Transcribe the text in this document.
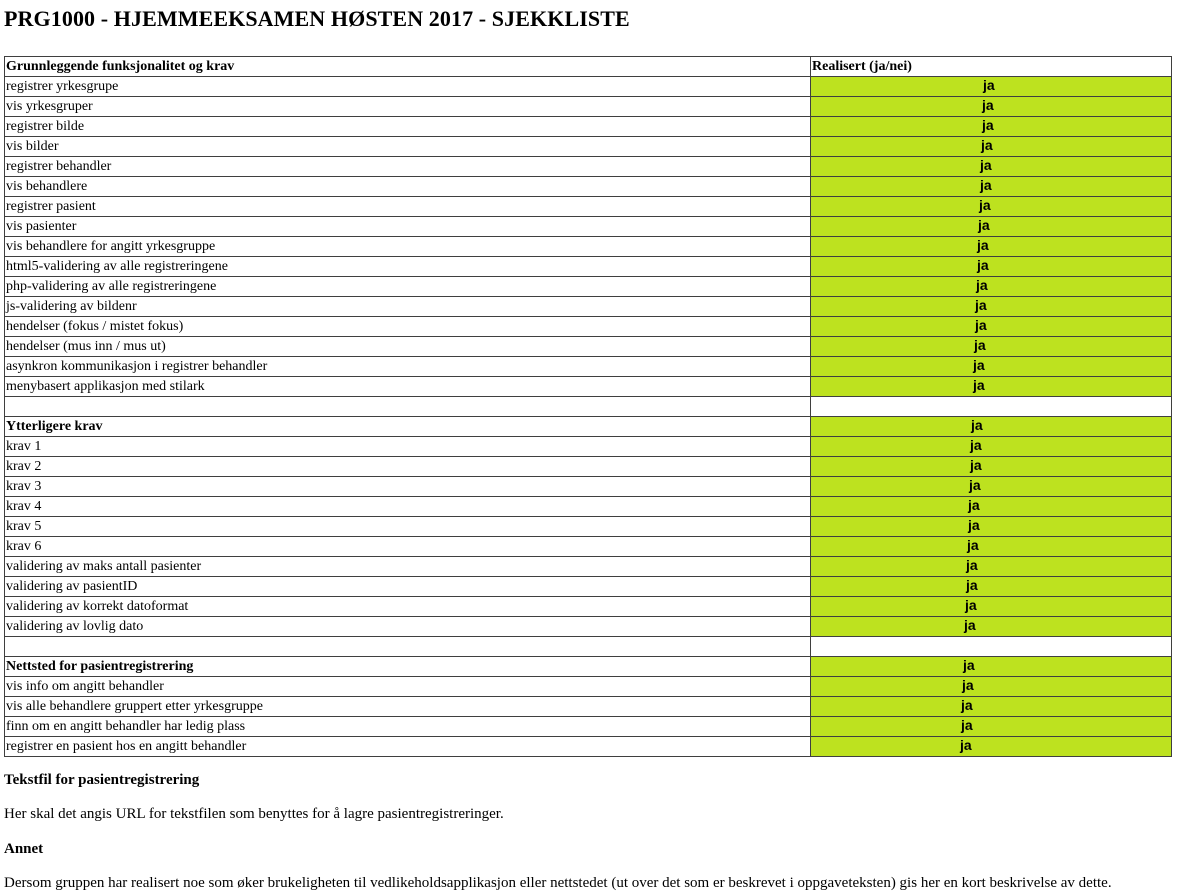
PRG1000 - HJEMMEEKSAMEN HØSTEN 2017 - SJEKKLISTE
Grunnleggende funksjonalitet og krav	Realisert (ja/nei)
registrer yrkesgrupe	ja

vis yrkesgruper	ja

registrer bilde	ja

vis bilder	ja

registrer behandler	ja

vis behandlere	ja

registrer pasient	ja

vis pasienter	ja

vis behandlere for angitt yrkesgruppe	ja

html5-validering av alle registreringene	ja

php-validering av alle registreringene	ja

js-validering av bildenr	ja

hendelser (fokus / mistet fokus)	ja

hendelser (mus inn / mus ut)	ja

asynkron kommunikasjon i registrer behandler	ja

menybasert applikasjon med stilark	ja

Ytterligere krav	ja

krav 1	ja

krav 2	ja

krav 3	ja

krav 4	ja

krav 5	ja

krav 6	ja

validering av maks antall pasienter	ja

validering av pasientID	ja

validering av korrekt datoformat	ja

validering av lovlig dato	ja

Nettsted for pasientregistrering	ja

vis info om angitt behandler	ja

vis alle behandlere gruppert etter yrkesgruppe	ja

finn om en angitt behandler har ledig plass	ja

registrer en pasient hos en angitt behandler	ja

Tekstfil for pasientregistrering

Her skal det angis URL for tekstfilen som benyttes for å lagre pasientregistreringer.

Annet

Dersom gruppen har realisert noe som øker brukeligheten til vedlikeholdsapplikasjon eller nettstedet (ut over det som er beskrevet i oppgaveteksten) gis her en kort beskrivelse av dette.
